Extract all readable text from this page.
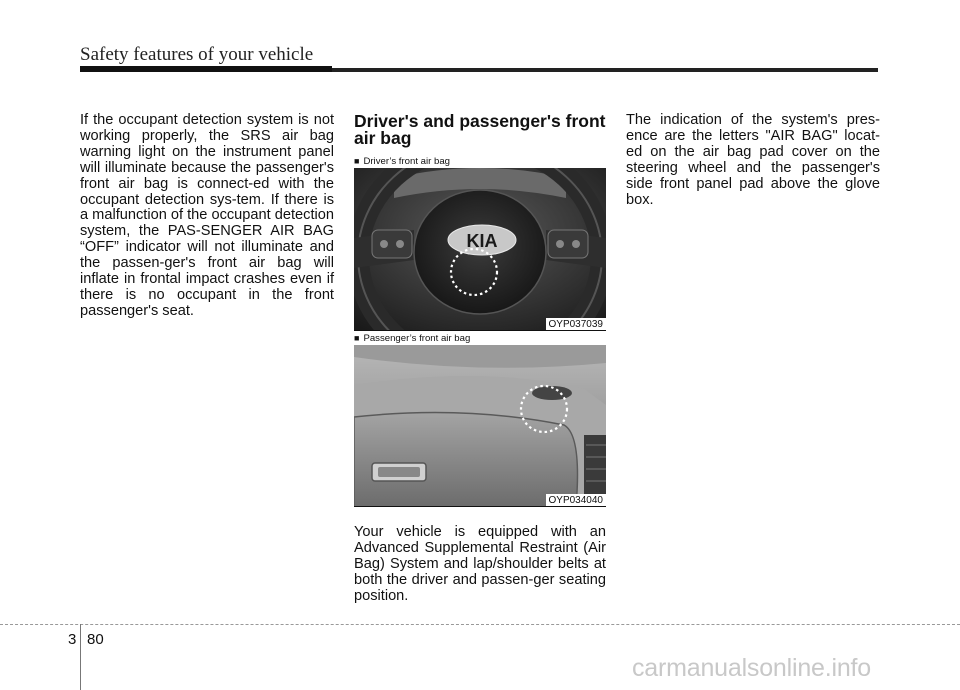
Safety features of your vehicle
If the occupant detection system is not working properly, the SRS air bag warning light on the instrument panel will illuminate because the passenger's front air bag is connect-ed with the occupant detection sys-tem. If there is a malfunction of the occupant detection system, the PAS-SENGER AIR BAG “OFF” indicator will not illuminate and the passen-ger's front air bag will inflate in frontal impact crashes even if there is no occupant in the front passenger's seat.
Driver's and passenger's front air bag
■ Driver’s front air bag
KIA
OYP037039
■ Passenger’s front air bag
OYP034040
Your vehicle is equipped with an Advanced Supplemental Restraint (Air Bag) System and lap/shoulder belts at both the driver and passen-ger seating position.
The indication of the system's pres-ence are the letters "AIR BAG" locat-ed on the air bag pad cover on the steering wheel and the passenger's side front panel pad above the glove box.
3 80
carmanualsonline.info
